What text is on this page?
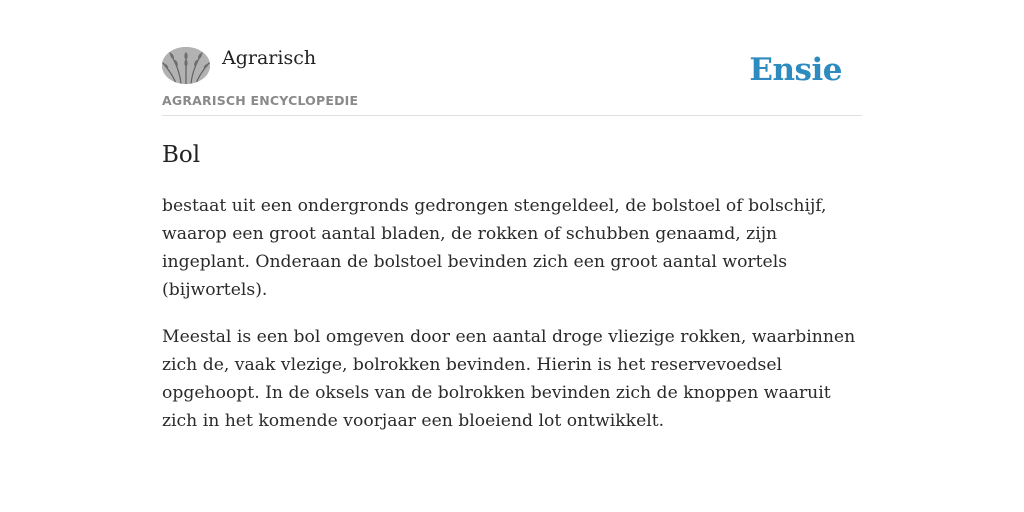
Agrarisch
AGRARISCH ENCYCLOPEDIE
Ensie
Bol

bestaat uit een ondergronds gedrongen stengeldeel, de bolstoel of bolschijf, waarop een groot aantal bladen, de rokken of schubben genaamd, zijn ingeplant. Onderaan de bolstoel bevinden zich een groot aantal wortels (bijwortels).

Meestal is een bol omgeven door een aantal droge vliezige rokken, waarbinnen zich de, vaak vlezige, bolrokken bevinden. Hierin is het reservevoedsel opgehoopt. In de oksels van de bolrokken bevinden zich de knoppen waaruit zich in het komende voorjaar een bloeiend lot ontwikkelt.
